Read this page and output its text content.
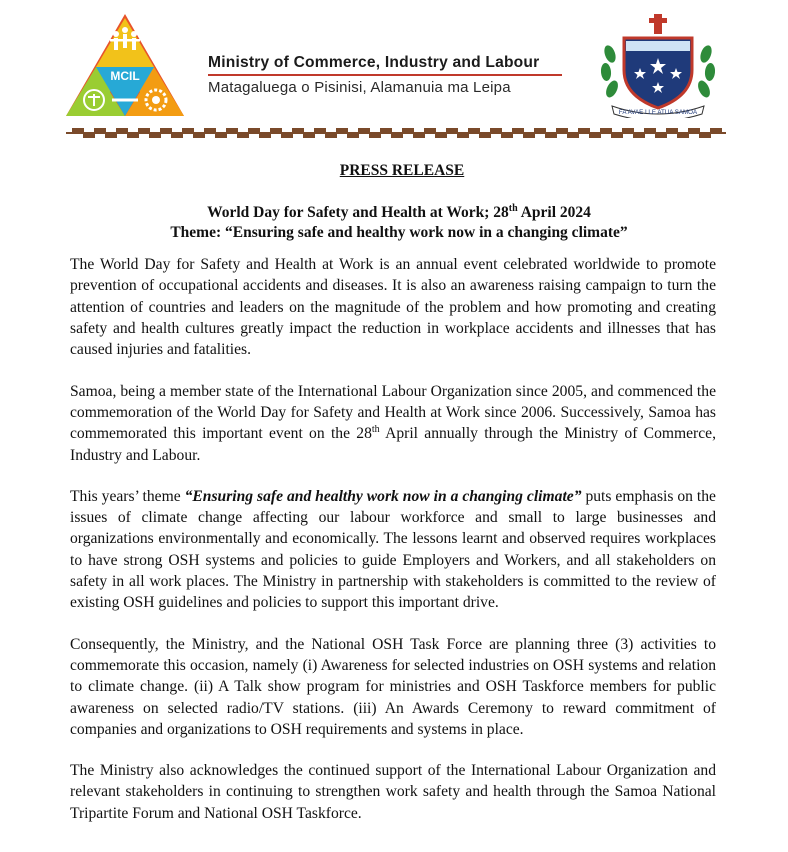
MCIL
Ministry of Commerce, Industry and Labour
Matagaluega o Pisinisi, Alamanuia ma Leipa
FA'AVAE I LE ATUA SAMOA
PRESS RELEASE
World Day for Safety and Health at Work; 28th April 2024
Theme: “Ensuring safe and healthy work now in a changing climate”

The World Day for Safety and Health at Work is an annual event celebrated worldwide to promote prevention of occupational accidents and diseases. It is also an awareness raising campaign to turn the attention of countries and leaders on the magnitude of the problem and how promoting and creating safety and health cultures greatly impact the reduction in workplace accidents and illnesses that has caused injuries and fatalities.

Samoa, being a member state of the International Labour Organization since 2005, and commenced the commemoration of the World Day for Safety and Health at Work since 2006. Successively, Samoa has commemorated this important event on the 28th April annually through the Ministry of Commerce, Industry and Labour.

This years’ theme “Ensuring safe and healthy work now in a changing climate” puts emphasis on the issues of climate change affecting our labour workforce and small to large businesses and organizations environmentally and economically. The lessons learnt and observed requires workplaces to have strong OSH systems and policies to guide Employers and Workers, and all stakeholders on safety in all work places. The Ministry in partnership with stakeholders is committed to the review of existing OSH guidelines and policies to support this important drive.

Consequently, the Ministry, and the National OSH Task Force are planning three (3) activities to commemorate this occasion, namely (i) Awareness for selected industries on OSH systems and relation to climate change. (ii) A Talk show program for ministries and OSH Taskforce members for public awareness on selected radio/TV stations. (iii) An Awards Ceremony to reward commitment of companies and organizations to OSH requirements and systems in place.

The Ministry also acknowledges the continued support of the International Labour Organization and relevant stakeholders in continuing to strengthen work safety and health through the Samoa National Tripartite Forum and National OSH Taskforce.
